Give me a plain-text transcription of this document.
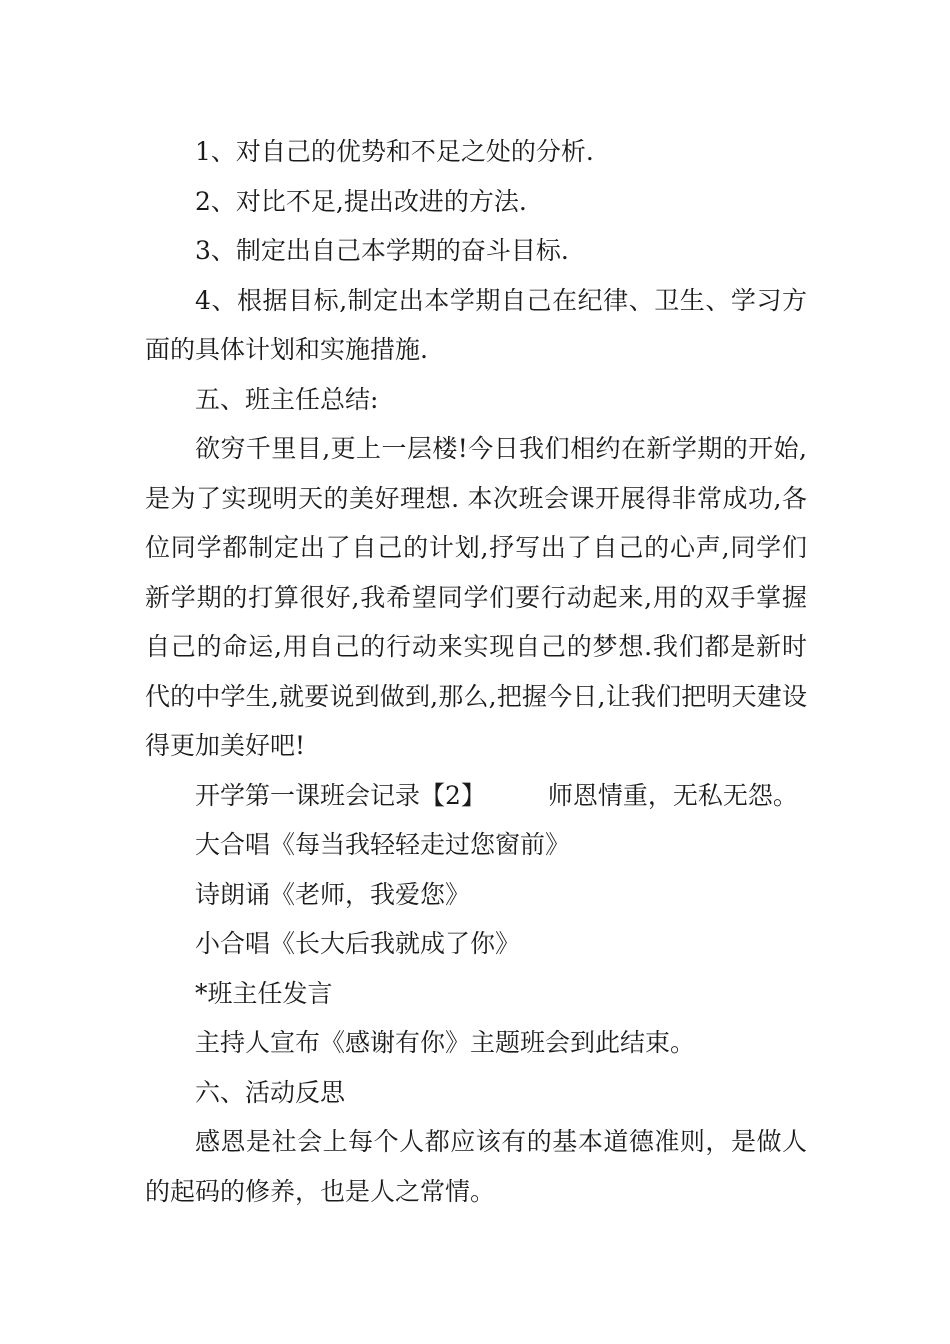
1、对自己的优势和不足之处的分析.

2、对比不足,提出改进的方法.

3、制定出自己本学期的奋斗目标.

4、根据目标,制定出本学期自己在纪律、卫生、学习方面的具体计划和实施措施.

五、班主任总结:

欲穷千里目,更上一层楼!今日我们相约在新学期的开始,是为了实现明天的美好理想. 本次班会课开展得非常成功,各位同学都制定出了自己的计划,抒写出了自己的心声,同学们新学期的打算很好,我希望同学们要行动起来,用的双手掌握自己的命运,用自己的行动来实现自己的梦想.我们都是新时代的中学生,就要说到做到,那么,把握今日,让我们把明天建设得更加美好吧!

开学第一课班会记录【2】 师恩情重，无私无怨。

大合唱《每当我轻轻走过您窗前》

诗朗诵《老师，我爱您》

小合唱《长大后我就成了你》

*班主任发言

主持人宣布《感谢有你》主题班会到此结束。

六、活动反思

感恩是社会上每个人都应该有的基本道德准则，是做人的起码的修养，也是人之常情。
